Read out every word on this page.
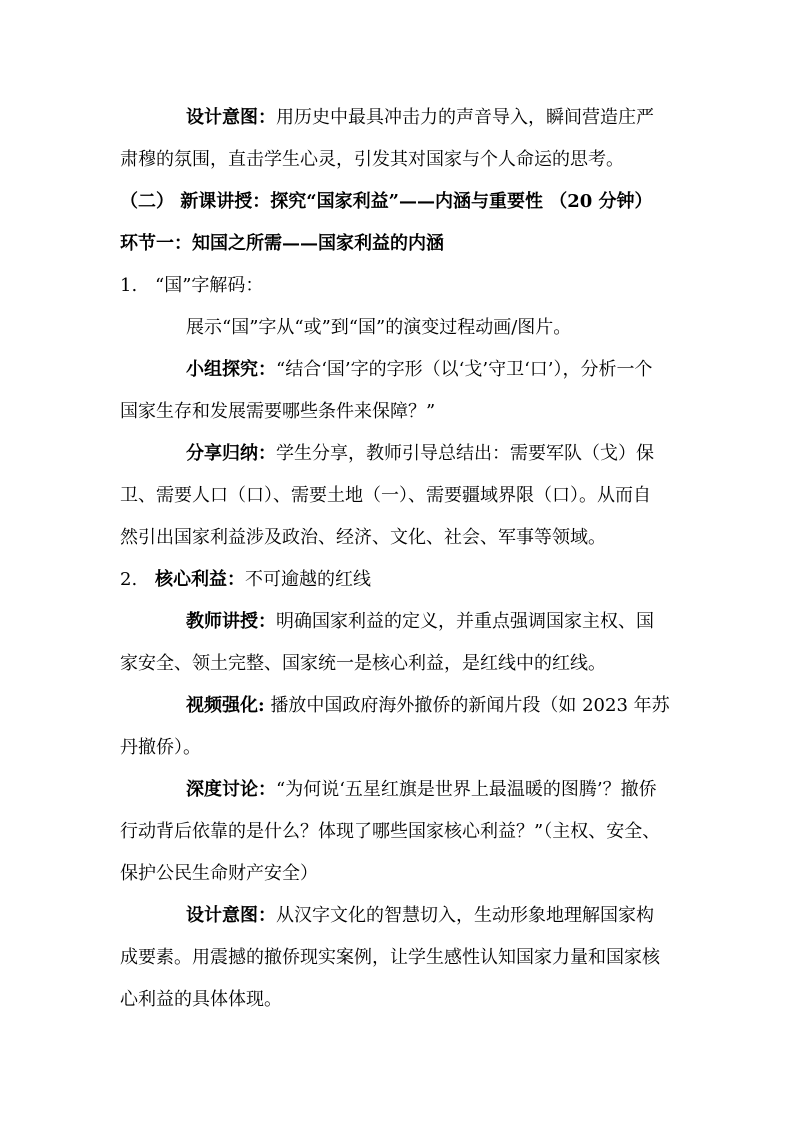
设计意图：用历史中最具冲击力的声音导入，瞬间营造庄严
肃穆的氛围，直击学生心灵，引发其对国家与个人命运的思考。
（二） 新课讲授：探究“国家利益”——内涵与重要性 （20 分钟）
环节一：知国之所需——国家利益的内涵
1. “国”字解码：
展示“国”字从“或”到“国”的演变过程动画/图片。
小组探究：“结合‘国’字的字形（以‘戈’守卫‘口’），分析一个
国家生存和发展需要哪些条件来保障？”
分享归纳：学生分享，教师引导总结出：需要军队（戈）保
卫、需要人口（口）、需要土地（一）、需要疆域界限（口）。从而自
然引出国家利益涉及政治、经济、文化、社会、军事等领域。
2. 核心利益：不可逾越的红线
教师讲授：明确国家利益的定义，并重点强调国家主权、国
家安全、领土完整、国家统一是核心利益，是红线中的红线。
视频强化: 播放中国政府海外撤侨的新闻片段（如 2023 年苏
丹撤侨）。
深度讨论：“为何说‘五星红旗是世界上最温暖的图腾’？撤侨
行动背后依靠的是什么？体现了哪些国家核心利益？”（主权、安全、
保护公民生命财产安全）
设计意图：从汉字文化的智慧切入，生动形象地理解国家构
成要素。用震撼的撤侨现实案例，让学生感性认知国家力量和国家核
心利益的具体体现。
